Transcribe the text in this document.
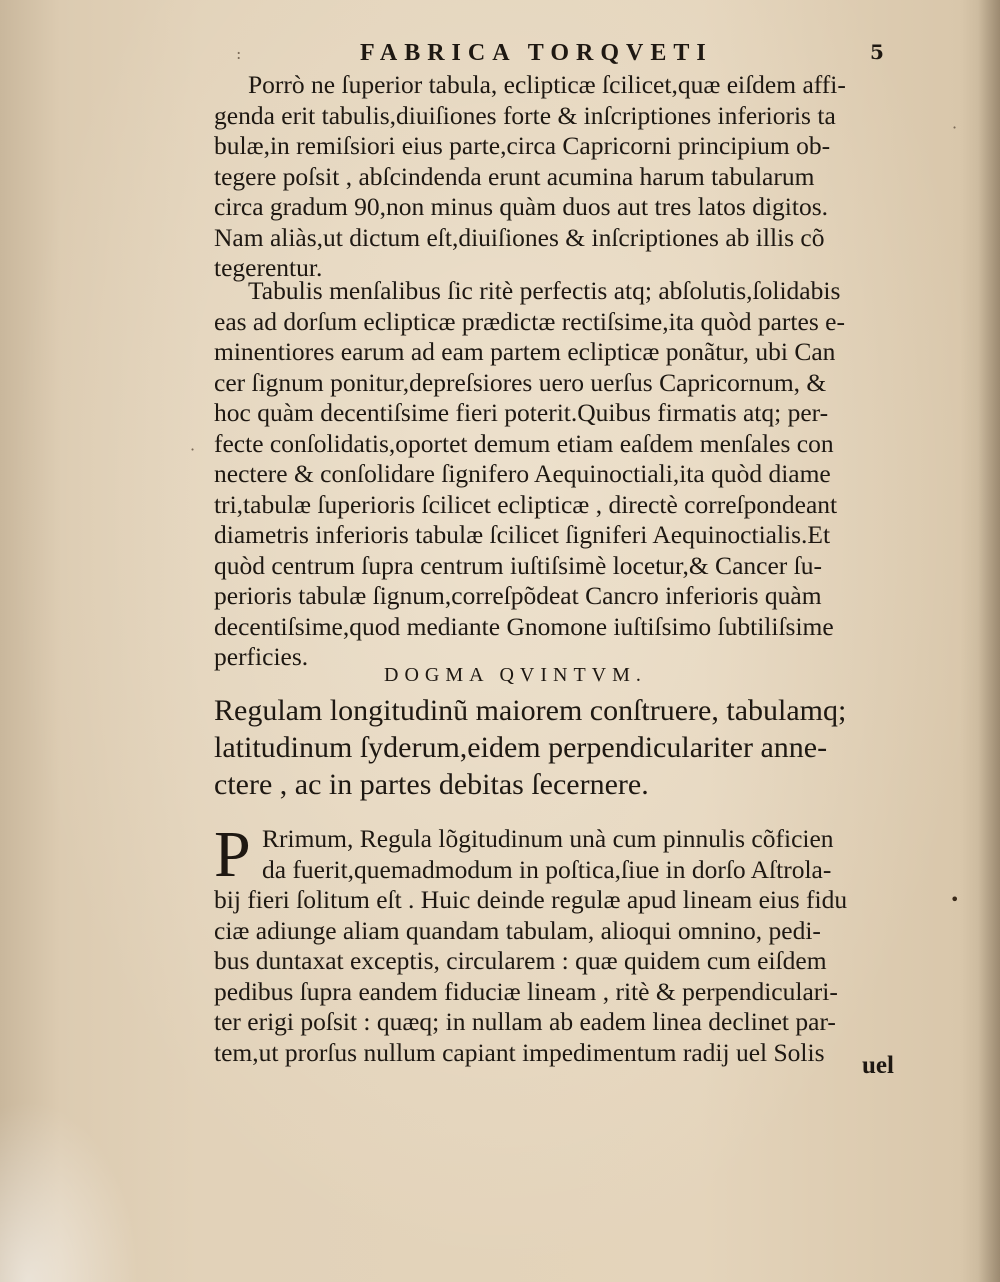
:
·
·
•
FABRICA TORQVETI	5
Porrò ne ſuperior tabula, eclipticæ ſcilicet,quæ eiſdem affi-
genda erit tabulis,diuiſiones forte & inſcriptiones inferioris ta
bulæ,in remiſsiori eius parte,circa Capricorni principium ob-
tegere poſsit , abſcindenda erunt acumina harum tabularum
circa gradum 90,non minus quàm duos aut tres latos digitos.
Nam aliàs,ut dictum eſt,diuiſiones & inſcriptiones ab illis cõ
tegerentur.
Tabulis menſalibus ſic ritè perfectis atq; abſolutis,ſolidabis
eas ad dorſum eclipticæ prædictæ rectiſsime,ita quòd partes e-
minentiores earum ad eam partem eclipticæ ponãtur, ubi Can
cer ſignum ponitur,depreſsiores uero uerſus Capricornum, &
hoc quàm decentiſsime fieri poterit.Quibus firmatis atq; per-
fecte conſolidatis,oportet demum etiam eaſdem menſales con
nectere & conſolidare ſignifero Aequinoctiali,ita quòd diame
tri,tabulæ ſuperioris ſcilicet eclipticæ , directè correſpondeant
diametris inferioris tabulæ ſcilicet ſigniferi Aequinoctialis.Et
quòd centrum ſupra centrum iuſtiſsimè locetur,& Cancer ſu-
perioris tabulæ ſignum,correſpõdeat Cancro inferioris quàm
decentiſsime,quod mediante Gnomone iuſtiſsimo ſubtiliſsime
perficies.
DOGMA QVINTVM.
Regulam longitudinũ maiorem conſtruere, tabulamq;
latitudinum ſyderum,eidem perpendiculariter anne-
ctere , ac in partes debitas ſecernere.
P Rrimum, Regula lõgitudinum unà cum pinnulis cõficien
da fuerit,quemadmodum in poſtica,ſiue in dorſo Aſtrola-
bij fieri ſolitum eſt . Huic deinde regulæ apud lineam eius fidu
ciæ adiunge aliam quandam tabulam, alioqui omnino, pedi-
bus duntaxat exceptis, circularem : quæ quidem cum eiſdem
pedibus ſupra eandem fiduciæ lineam , ritè & perpendiculari-
ter erigi poſsit : quæq; in nullam ab eadem linea declinet par-
tem,ut prorſus nullum capiant impedimentum radij uel Solis	uel
